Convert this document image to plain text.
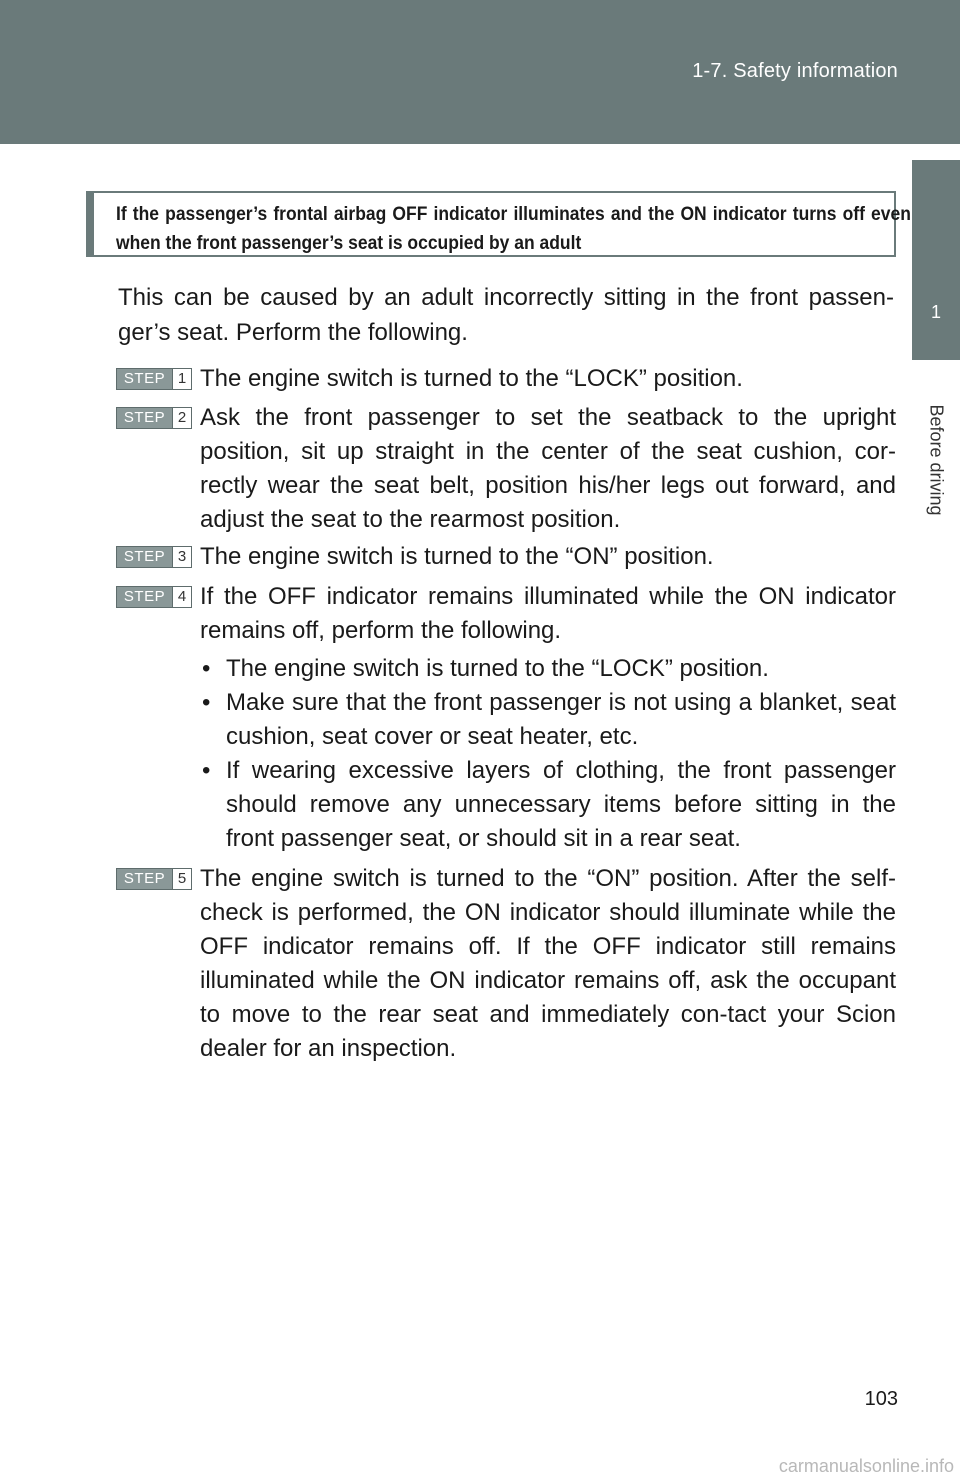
1-7. Safety information
1
Before driving
If the passenger’s frontal airbag OFF indicator illuminates and the ON indicator turns off even when the front passenger’s seat is occupied by an adult
This can be caused by an adult incorrectly sitting in the front passen-ger’s seat. Perform the following.
STEP 1 The engine switch is turned to the “LOCK” position.
STEP 2 Ask the front passenger to set the seatback to the upright position, sit up straight in the center of the seat cushion, cor-rectly wear the seat belt, position his/her legs out forward, and adjust the seat to the rearmost position.
STEP 3 The engine switch is turned to the “ON” position.
STEP 4 If the OFF indicator remains illuminated while the ON indicator remains off, perform the following.
• The engine switch is turned to the “LOCK” position.
• Make sure that the front passenger is not using a blanket, seat cushion, seat cover or seat heater, etc.
• If wearing excessive layers of clothing, the front passenger should remove any unnecessary items before sitting in the front passenger seat, or should sit in a rear seat.
STEP 5 The engine switch is turned to the “ON” position. After the self-check is performed, the ON indicator should illuminate while the OFF indicator remains off. If the OFF indicator still remains illuminated while the ON indicator remains off, ask the occupant to move to the rear seat and immediately con-tact your Scion dealer for an inspection.
103
carmanualsonline.info
